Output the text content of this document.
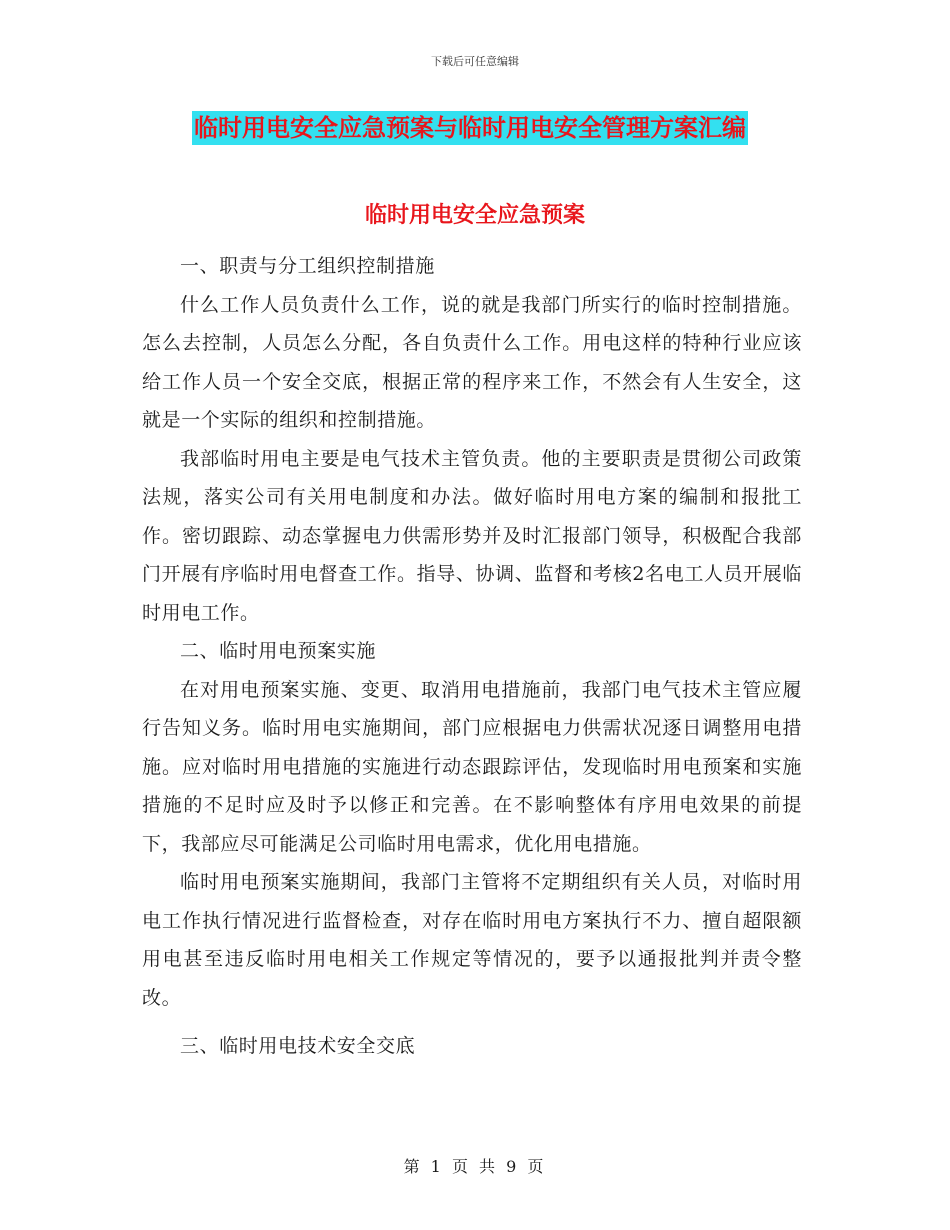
下载后可任意编辑
临时用电安全应急预案与临时用电安全管理方案汇编
临时用电安全应急预案

一、职责与分工组织控制措施

什么工作人员负责什么工作，说的就是我部门所实行的临时控制措施。怎么去控制，人员怎么分配，各自负责什么工作。用电这样的特种行业应该给工作人员一个安全交底，根据正常的程序来工作，不然会有人生安全，这就是一个实际的组织和控制措施。

我部临时用电主要是电气技术主管负责。他的主要职责是贯彻公司政策法规，落实公司有关用电制度和办法。做好临时用电方案的编制和报批工作。密切跟踪、动态掌握电力供需形势并及时汇报部门领导，积极配合我部门开展有序临时用电督查工作。指导、协调、监督和考核2名电工人员开展临时用电工作。

二、临时用电预案实施

在对用电预案实施、变更、取消用电措施前，我部门电气技术主管应履行告知义务。临时用电实施期间，部门应根据电力供需状况逐日调整用电措施。应对临时用电措施的实施进行动态跟踪评估，发现临时用电预案和实施措施的不足时应及时予以修正和完善。在不影响整体有序用电效果的前提下，我部应尽可能满足公司临时用电需求，优化用电措施。

临时用电预案实施期间，我部门主管将不定期组织有关人员，对临时用电工作执行情况进行监督检查，对存在临时用电方案执行不力、擅自超限额用电甚至违反临时用电相关工作规定等情况的，要予以通报批判并责令整改。

三、临时用电技术安全交底

第 1 页 共 9 页
